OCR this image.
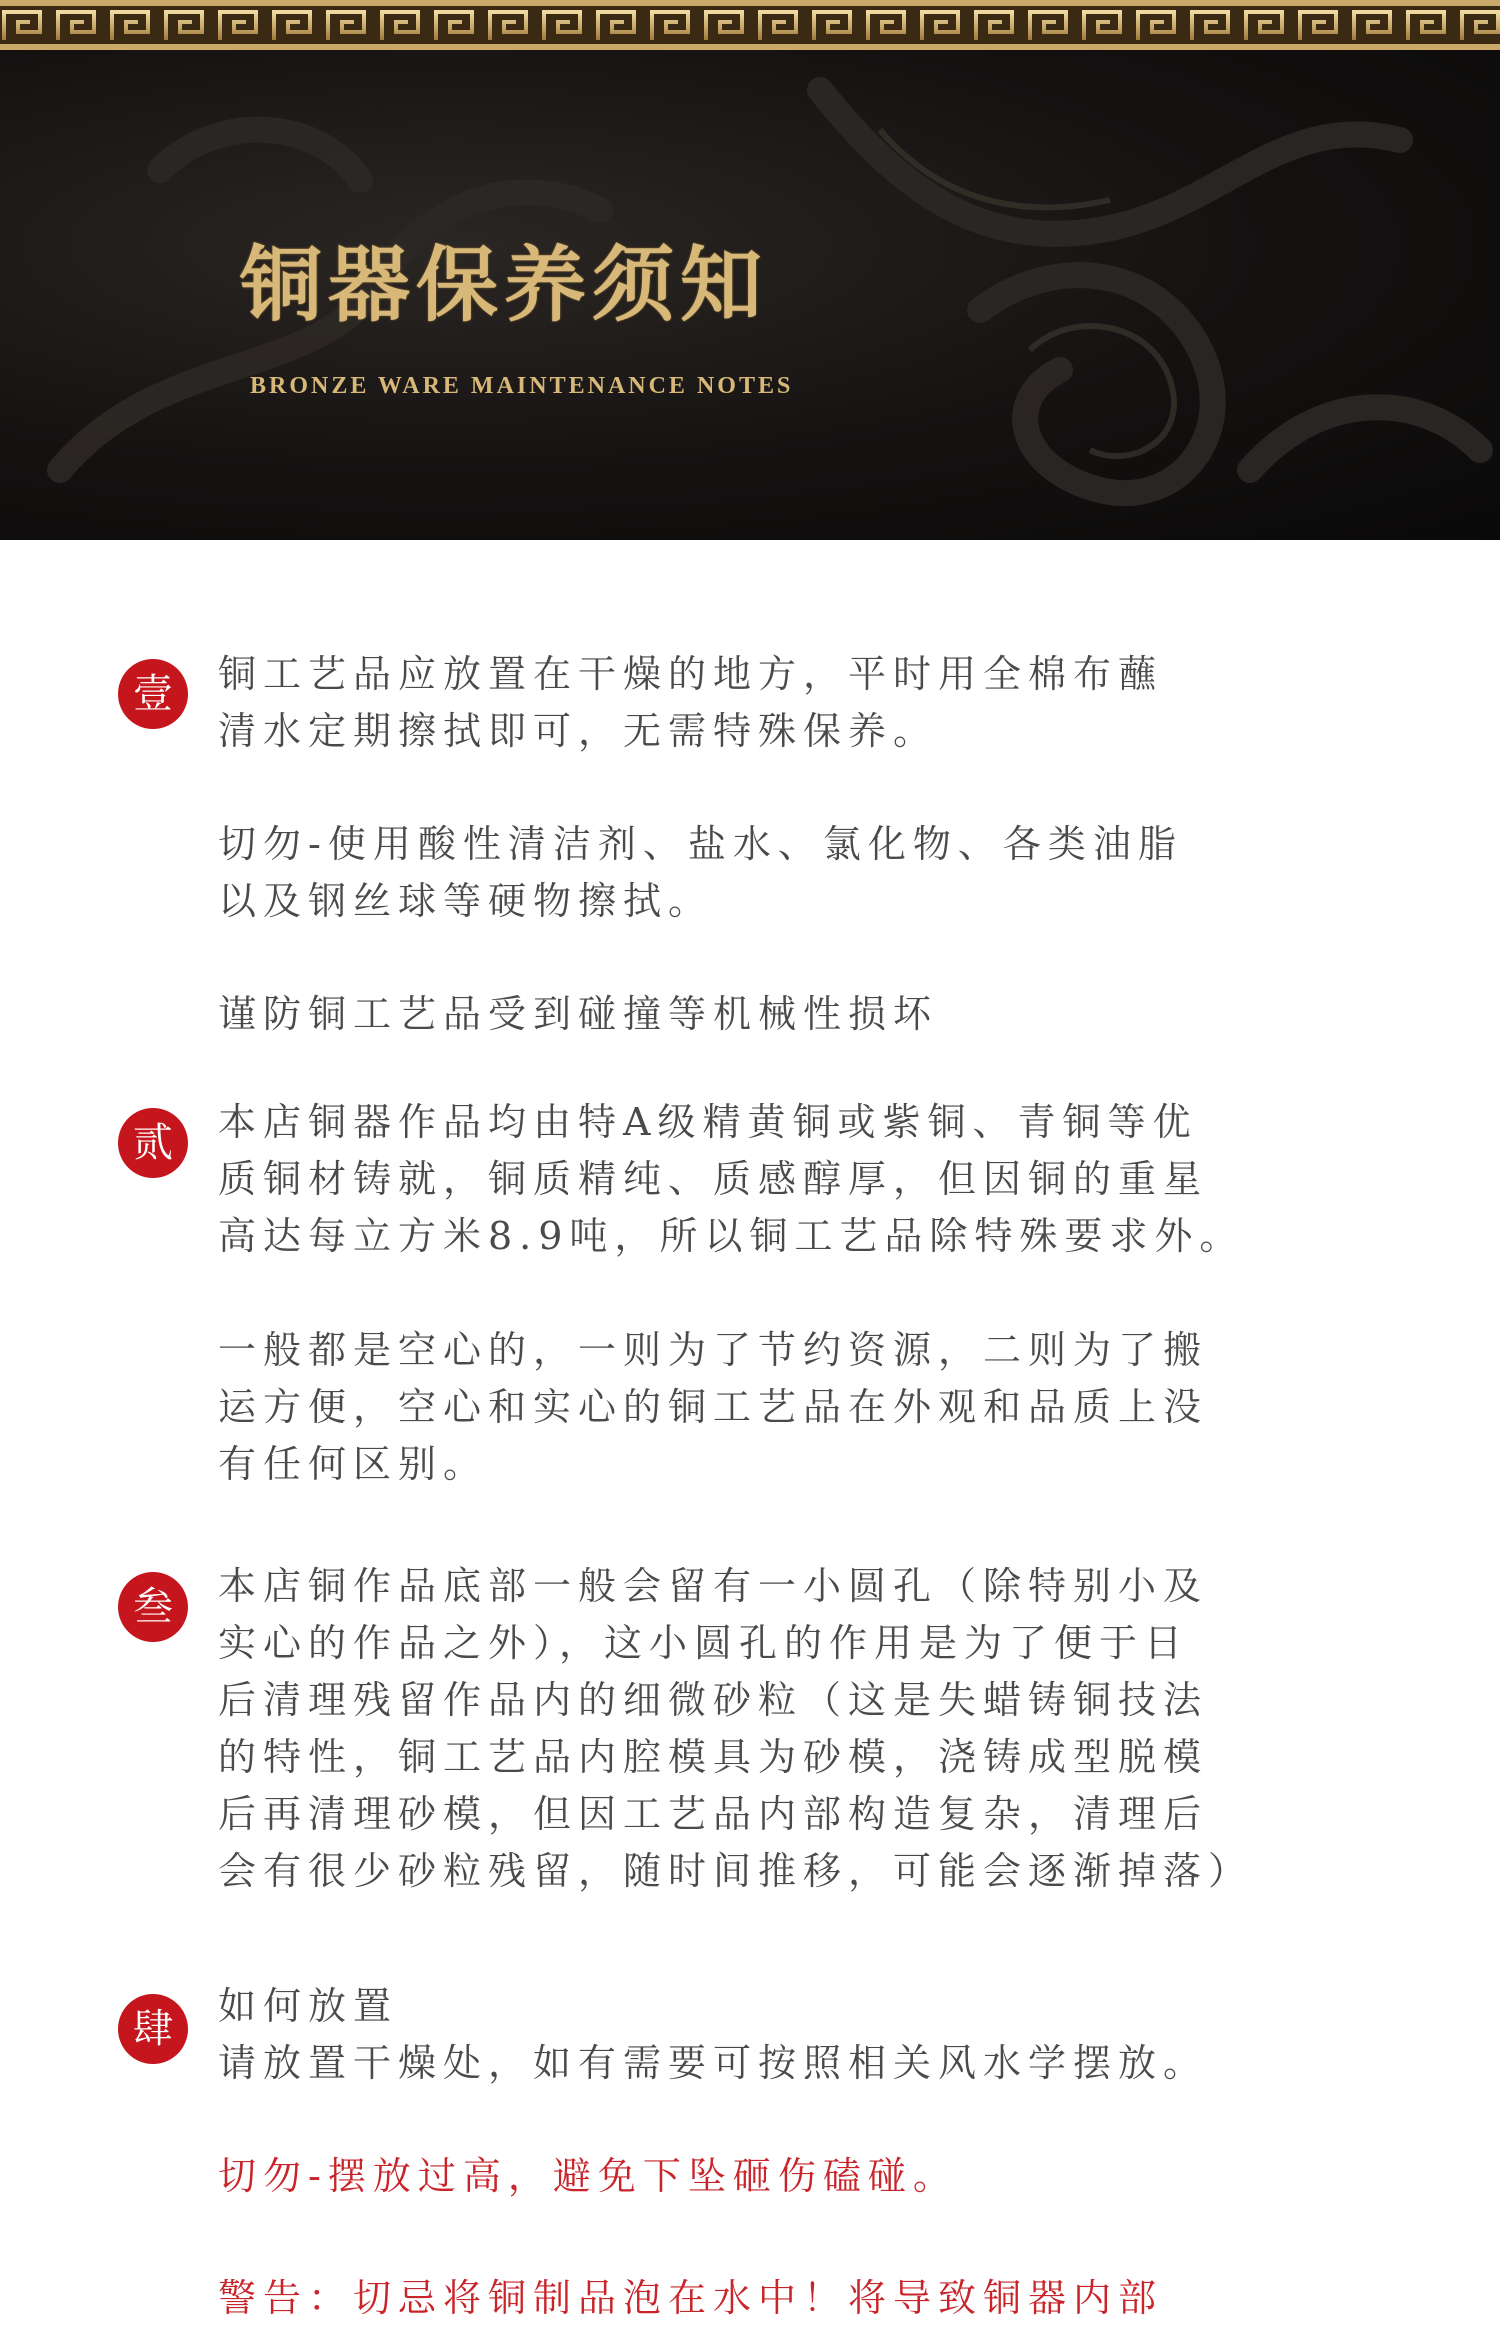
铜器保养须知
BRONZE WARE MAINTENANCE NOTES
壹	铜工艺品应放置在干燥的地方，平时用全棉布蘸
清水定期擦拭即可，无需特殊保养。

切勿-使用酸性清洁剂、盐水、氯化物、各类油脂
以及钢丝球等硬物擦拭。

谨防铜工艺品受到碰撞等机械性损坏

贰	本店铜器作品均由特A级精黄铜或紫铜、青铜等优
质铜材铸就，铜质精纯、质感醇厚，但因铜的重星
高达每立方米8.9吨，所以铜工艺品除特殊要求外。

一般都是空心的，一则为了节约资源，二则为了搬
运方便，空心和实心的铜工艺品在外观和品质上没
有任何区别。

叁	本店铜作品底部一般会留有一小圆孔（除特别小及
实心的作品之外），这小圆孔的作用是为了便于日
后清理残留作品内的细微砂粒（这是失蜡铸铜技法
的特性，铜工艺品内腔模具为砂模，浇铸成型脱模
后再清理砂模，但因工艺品内部构造复杂，清理后
会有很少砂粒残留，随时间推移，可能会逐渐掉落）

肆	如何放置
请放置干燥处，如有需要可按照相关风水学摆放。

切勿-摆放过高，避免下坠砸伤磕碰。

警告：切忌将铜制品泡在水中！将导致铜器内部
